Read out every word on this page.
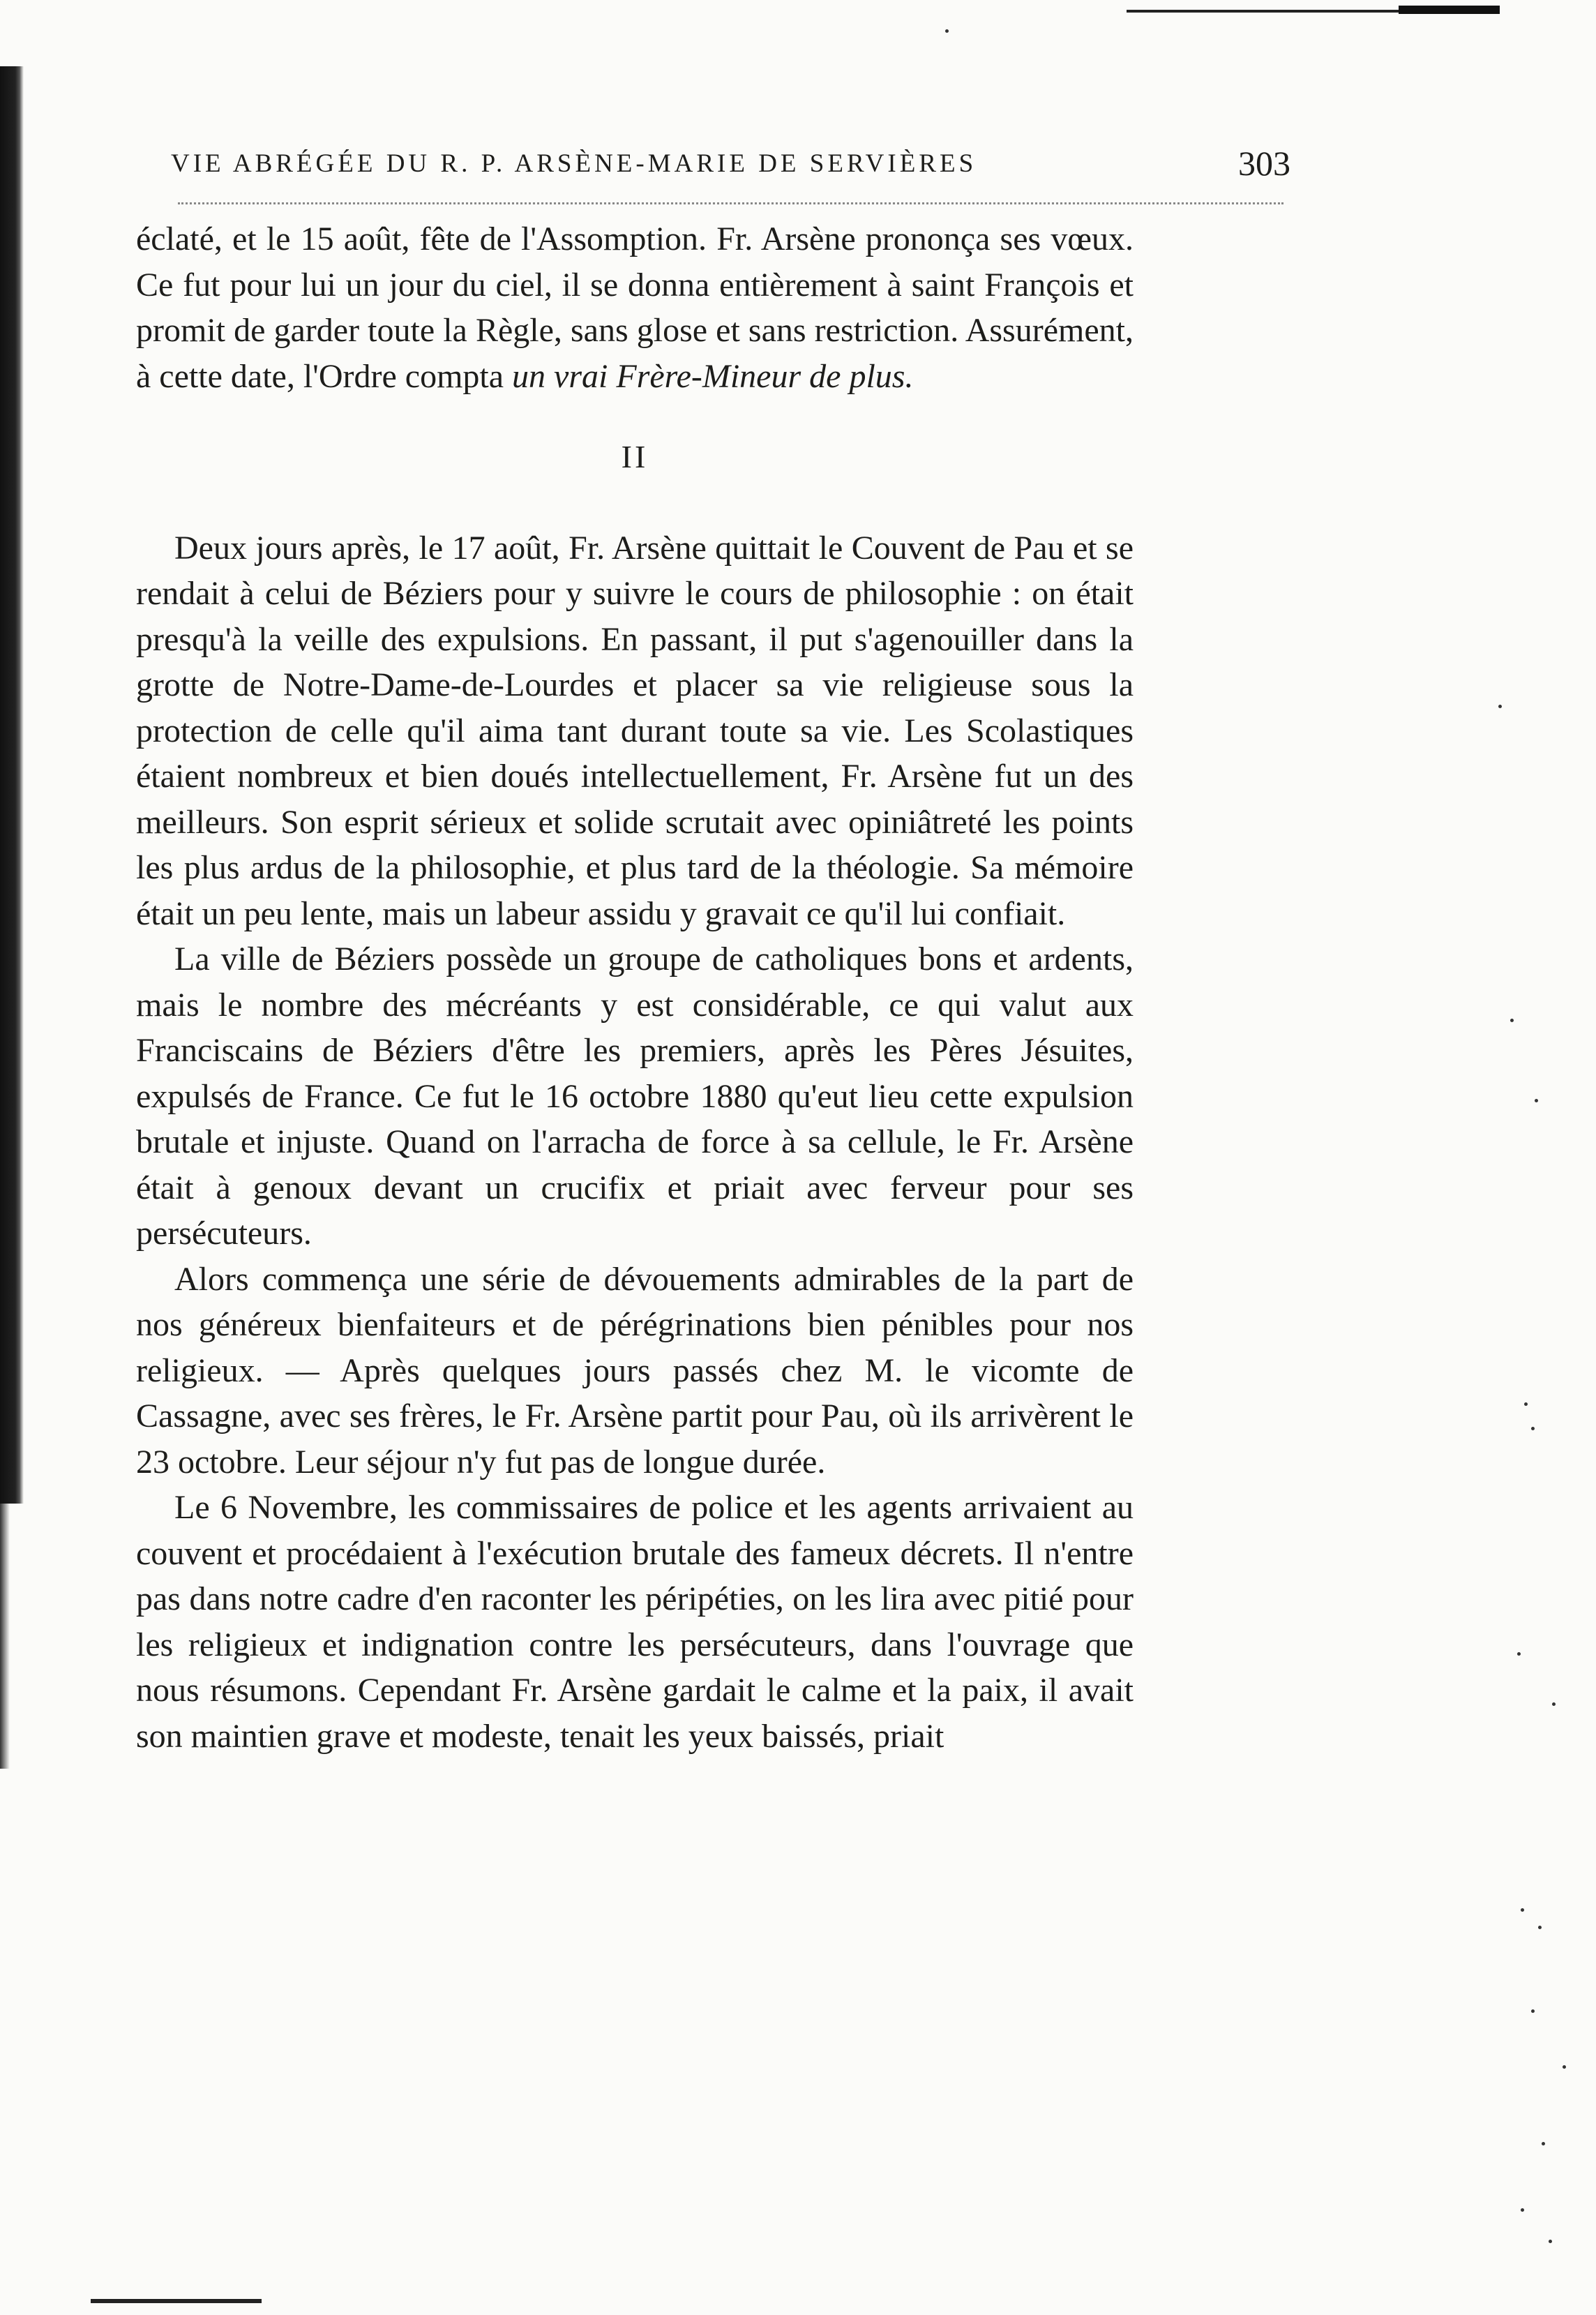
VIE ABRÉGÉE DU R. P. ARSÈNE-MARIE DE SERVIÈRES	303

éclaté, et le 15 août, fête de l'Assomption. Fr. Arsène prononça ses vœux. Ce fut pour lui un jour du ciel, il se donna entièrement à saint François et promit de garder toute la Règle, sans glose et sans restriction. Assurément, à cette date, l'Ordre compta un vrai Frère-Mineur de plus.

II

Deux jours après, le 17 août, Fr. Arsène quittait le Couvent de Pau et se rendait à celui de Béziers pour y suivre le cours de philosophie : on était presqu'à la veille des expulsions. En passant, il put s'agenouiller dans la grotte de Notre-Dame-de-Lourdes et placer sa vie religieuse sous la protection de celle qu'il aima tant durant toute sa vie. Les Scolastiques étaient nombreux et bien doués intellectuellement, Fr. Arsène fut un des meilleurs. Son esprit sérieux et solide scrutait avec opiniâtreté les points les plus ardus de la philosophie, et plus tard de la théologie. Sa mémoire était un peu lente, mais un labeur assidu y gravait ce qu'il lui confiait.

La ville de Béziers possède un groupe de catholiques bons et ardents, mais le nombre des mécréants y est considérable, ce qui valut aux Franciscains de Béziers d'être les premiers, après les Pères Jésuites, expulsés de France. Ce fut le 16 octobre 1880 qu'eut lieu cette expulsion brutale et injuste. Quand on l'arracha de force à sa cellule, le Fr. Arsène était à genoux devant un crucifix et priait avec ferveur pour ses persécuteurs.

Alors commença une série de dévouements admirables de la part de nos généreux bienfaiteurs et de pérégrinations bien pénibles pour nos religieux. — Après quelques jours passés chez M. le vicomte de Cassagne, avec ses frères, le Fr. Arsène partit pour Pau, où ils arrivèrent le 23 octobre. Leur séjour n'y fut pas de longue durée.

Le 6 Novembre, les commissaires de police et les agents arrivaient au couvent et procédaient à l'exécution brutale des fameux décrets. Il n'entre pas dans notre cadre d'en raconter les péripéties, on les lira avec pitié pour les religieux et indignation contre les persécuteurs, dans l'ouvrage que nous résumons. Cependant Fr. Arsène gardait le calme et la paix, il avait son maintien grave et modeste, tenait les yeux baissés, priait
